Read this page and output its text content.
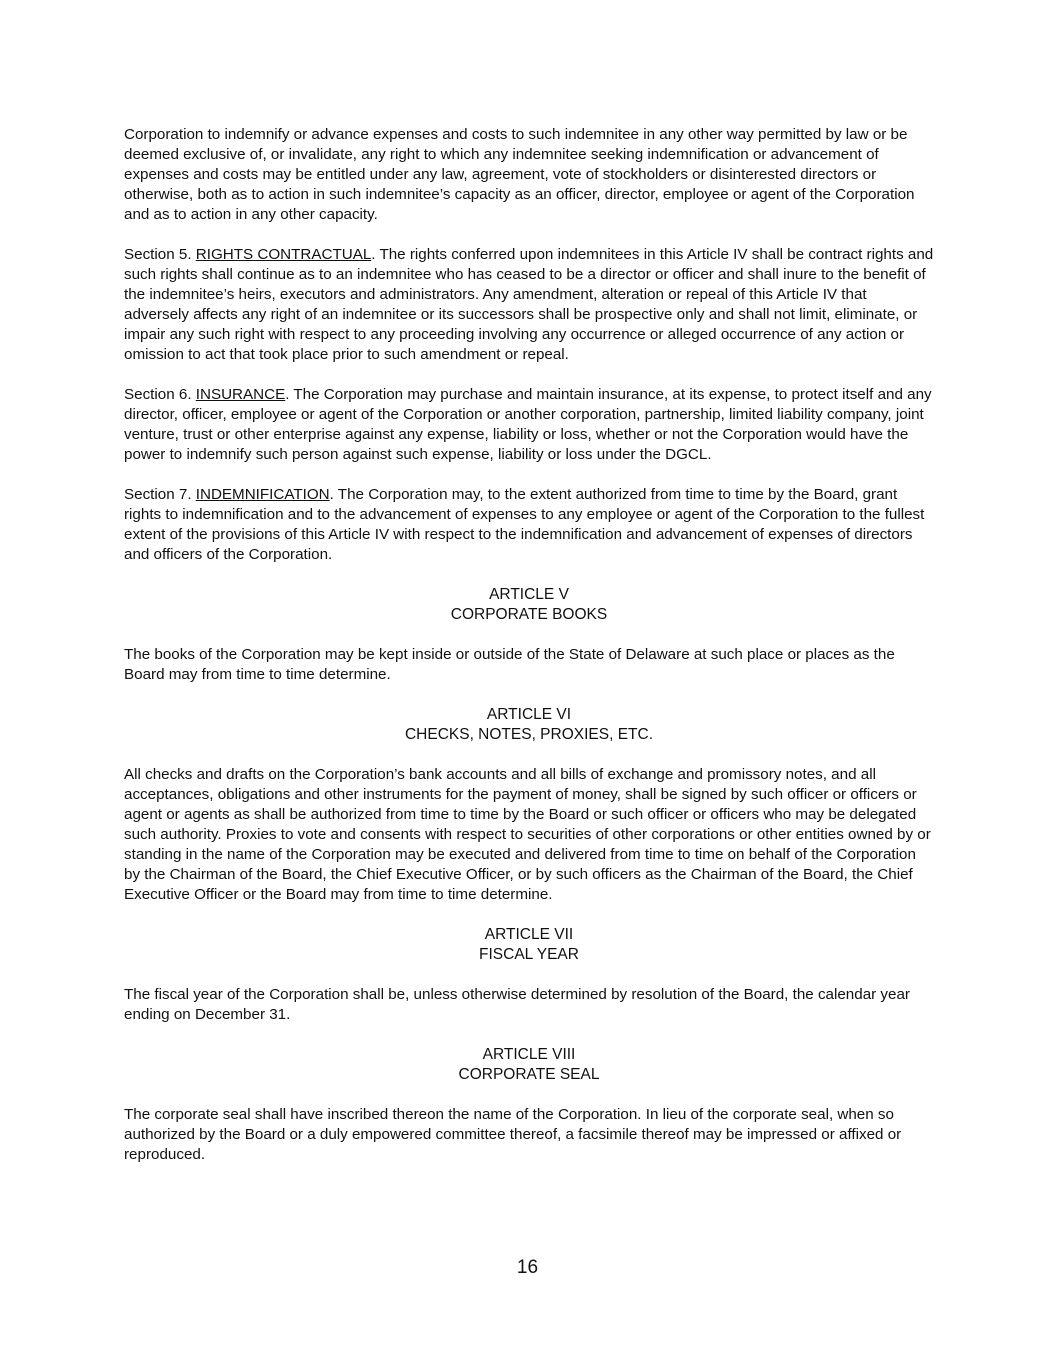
Corporation to indemnify or advance expenses and costs to such indemnitee in any other way permitted by law or be deemed exclusive of, or invalidate, any right to which any indemnitee seeking indemnification or advancement of expenses and costs may be entitled under any law, agreement, vote of stockholders or disinterested directors or otherwise, both as to action in such indemnitee’s capacity as an officer, director, employee or agent of the Corporation and as to action in any other capacity.

Section 5. RIGHTS CONTRACTUAL. The rights conferred upon indemnitees in this Article IV shall be contract rights and such rights shall continue as to an indemnitee who has ceased to be a director or officer and shall inure to the benefit of the indemnitee’s heirs, executors and administrators. Any amendment, alteration or repeal of this Article IV that adversely affects any right of an indemnitee or its successors shall be prospective only and shall not limit, eliminate, or impair any such right with respect to any proceeding involving any occurrence or alleged occurrence of any action or omission to act that took place prior to such amendment or repeal.

Section 6. INSURANCE. The Corporation may purchase and maintain insurance, at its expense, to protect itself and any director, officer, employee or agent of the Corporation or another corporation, partnership, limited liability company, joint venture, trust or other enterprise against any expense, liability or loss, whether or not the Corporation would have the power to indemnify such person against such expense, liability or loss under the DGCL.

Section 7. INDEMNIFICATION. The Corporation may, to the extent authorized from time to time by the Board, grant rights to indemnification and to the advancement of expenses to any employee or agent of the Corporation to the fullest extent of the provisions of this Article IV with respect to the indemnification and advancement of expenses of directors and officers of the Corporation.

ARTICLE V
CORPORATE BOOKS

The books of the Corporation may be kept inside or outside of the State of Delaware at such place or places as the Board may from time to time determine.

ARTICLE VI
CHECKS, NOTES, PROXIES, ETC.

All checks and drafts on the Corporation’s bank accounts and all bills of exchange and promissory notes, and all acceptances, obligations and other instruments for the payment of money, shall be signed by such officer or officers or agent or agents as shall be authorized from time to time by the Board or such officer or officers who may be delegated such authority. Proxies to vote and consents with respect to securities of other corporations or other entities owned by or standing in the name of the Corporation may be executed and delivered from time to time on behalf of the Corporation by the Chairman of the Board, the Chief Executive Officer, or by such officers as the Chairman of the Board, the Chief Executive Officer or the Board may from time to time determine.

ARTICLE VII
FISCAL YEAR

The fiscal year of the Corporation shall be, unless otherwise determined by resolution of the Board, the calendar year ending on December 31.

ARTICLE VIII
CORPORATE SEAL

The corporate seal shall have inscribed thereon the name of the Corporation. In lieu of the corporate seal, when so authorized by the Board or a duly empowered committee thereof, a facsimile thereof may be impressed or affixed or reproduced.

16
